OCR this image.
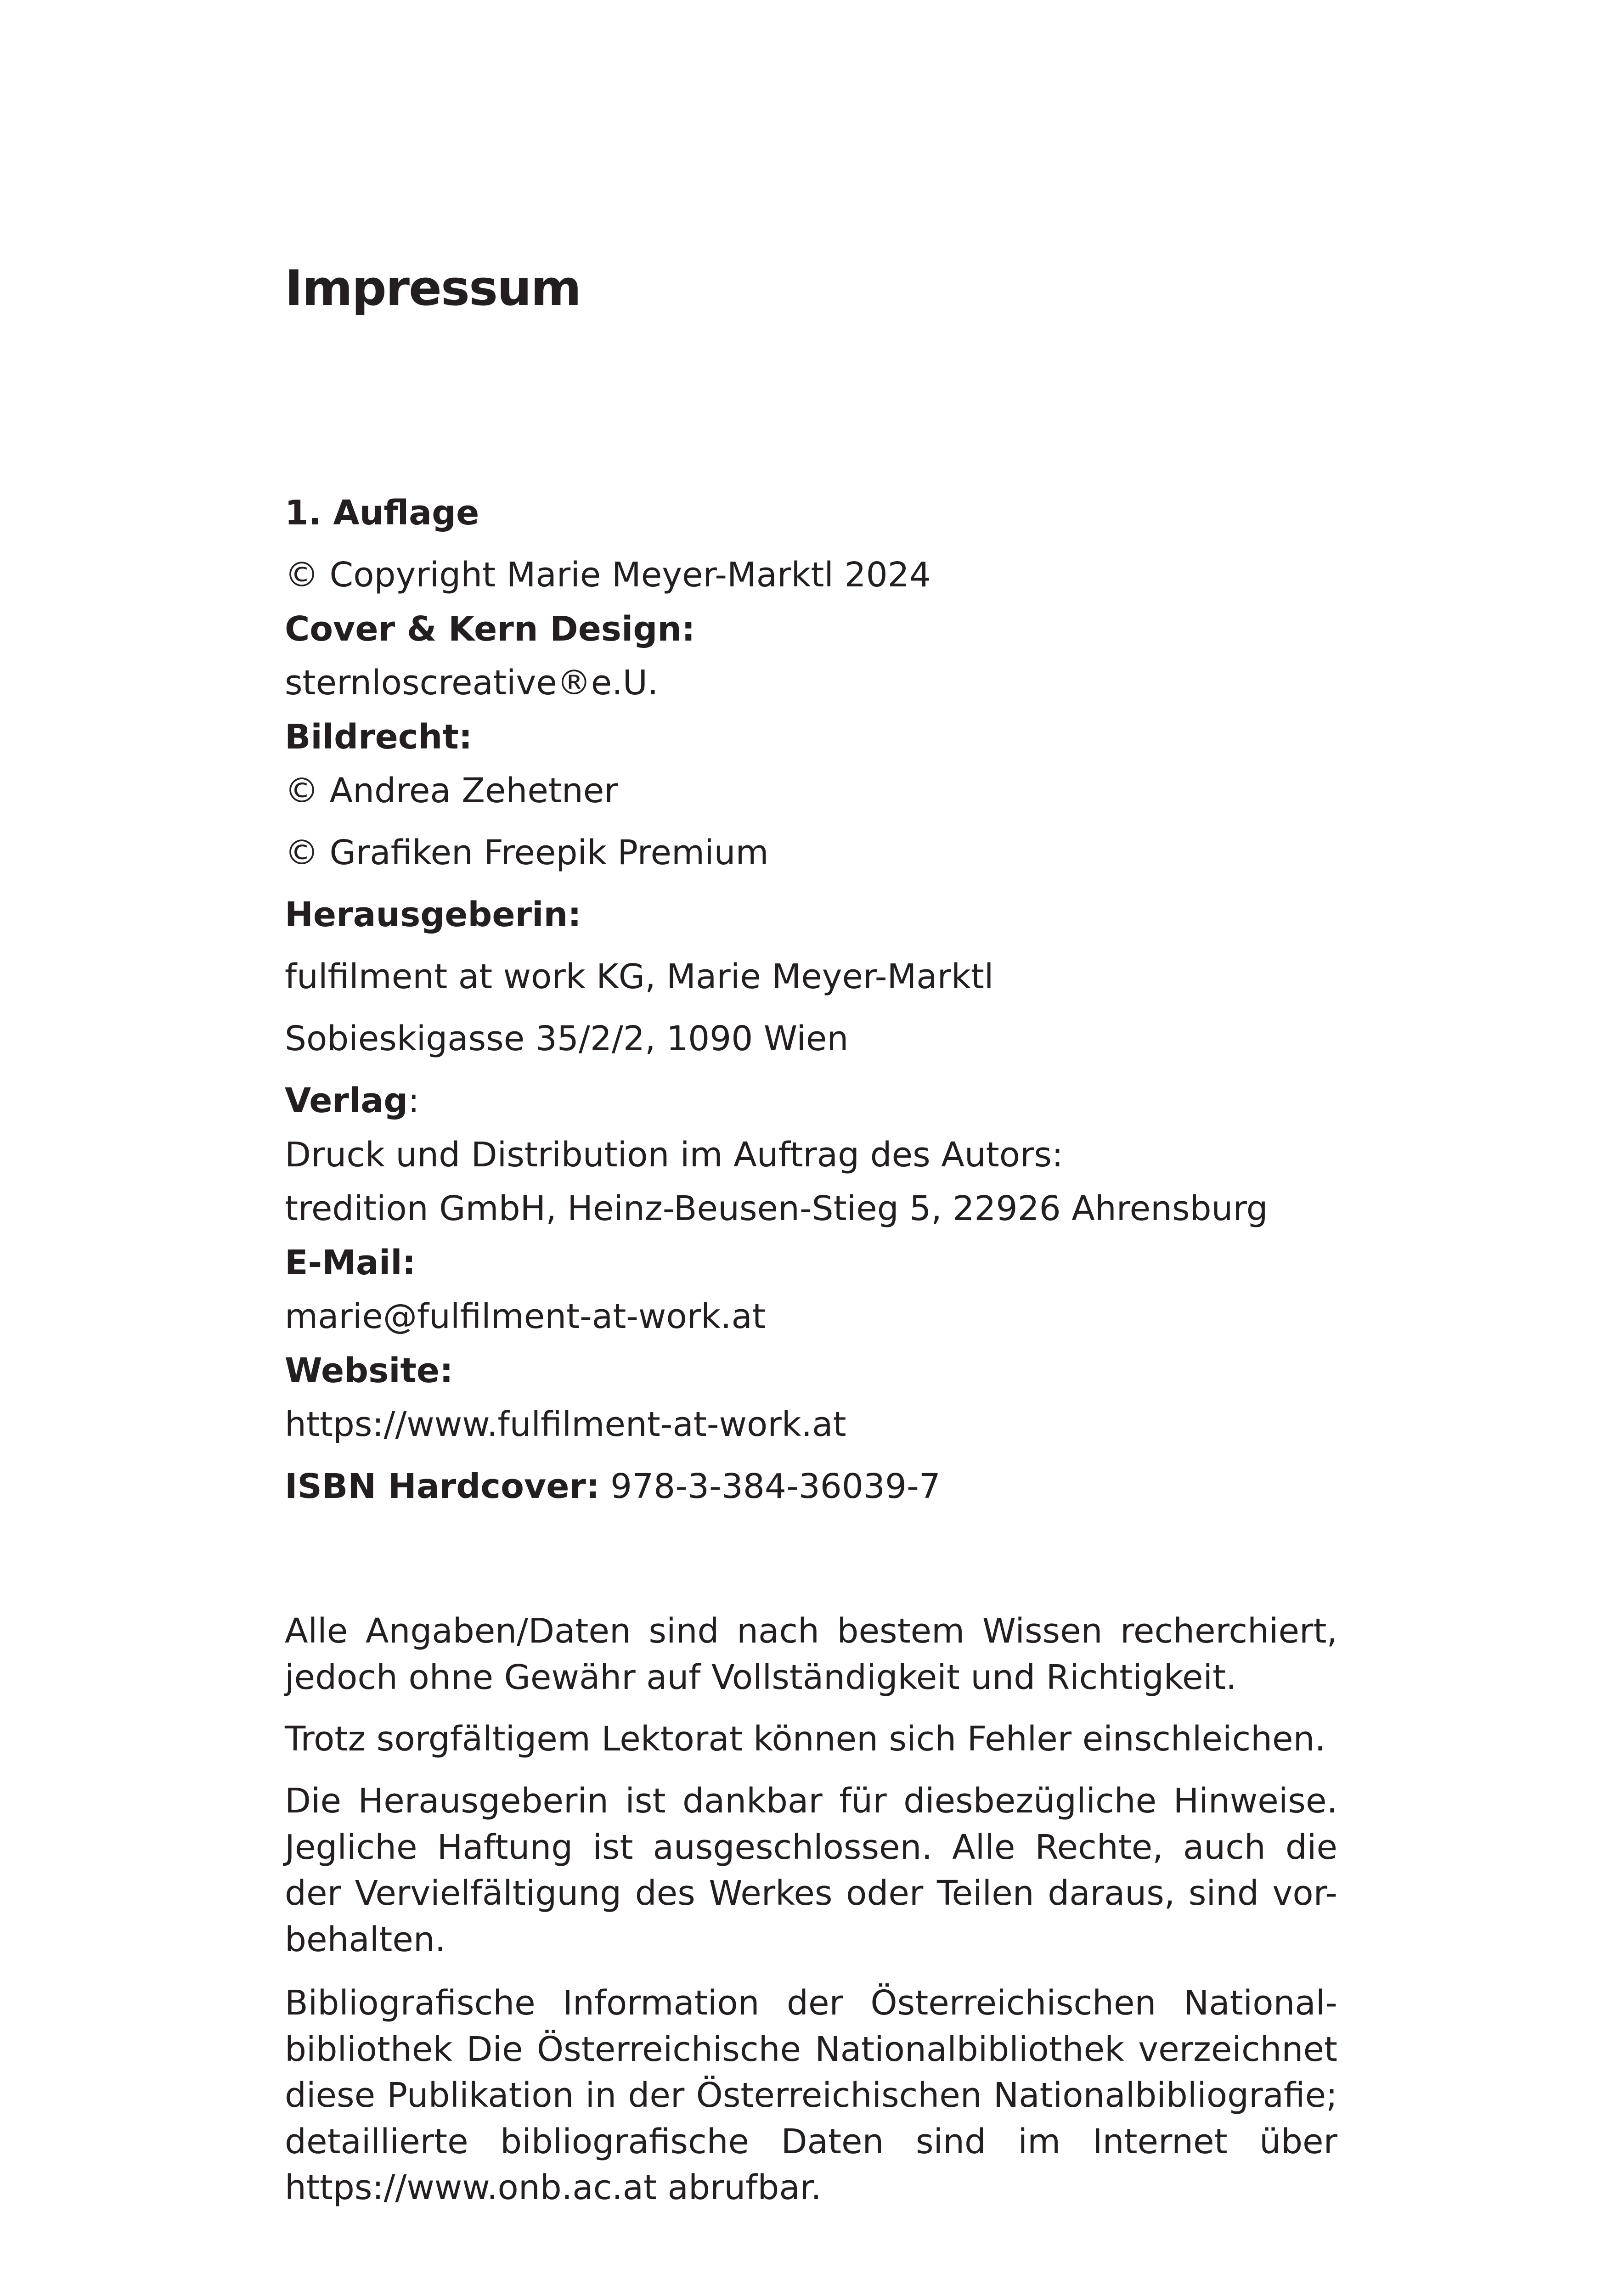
Impressum
1. Auflage
© Copyright Marie Meyer-Marktl 2024
Cover & Kern Design:
sternloscreative®e.U.
Bildrecht:
© Andrea Zehetner
© Grafiken Freepik Premium
Herausgeberin:
fulfilment at work KG, Marie Meyer-Marktl
Sobieskigasse 35/2/2, 1090 Wien
Verlag:
Druck und Distribution im Auftrag des Autors:
tredition GmbH, Heinz-Beusen-Stieg 5, 22926 Ahrensburg
E-Mail:
marie@fulfilment-at-work.at
Website:
https://www.fulfilment-at-work.at
ISBN Hardcover: 978-3-384-36039-7

Alle Angaben/Daten sind nach bestem Wissen recherchiert, jedoch ohne Gewähr auf Vollständigkeit und Richtigkeit.

Trotz sorgfältigem Lektorat können sich Fehler einschleichen.

Die Herausgeberin ist dankbar für diesbezügliche Hinweise. Jegliche Haftung ist ausgeschlossen. Alle Rechte, auch die der Vervielfältigung des Werkes oder Teilen daraus, sind vor-behalten.

Bibliografische Information der Österreichischen National-bibliothek Die Österreichische Nationalbibliothek verzeichnet diese Publikation in der Österreichischen Nationalbibliografie; detaillierte bibliografische Daten sind im Internet über https://www.onb.ac.at abrufbar.
